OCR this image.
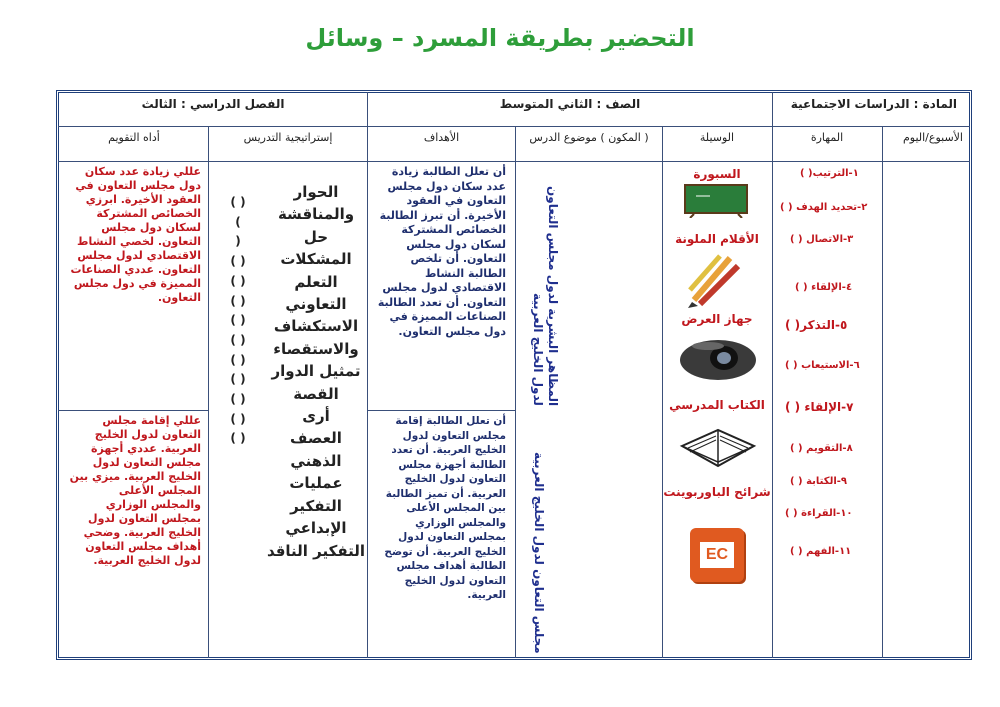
التحضير بطريقة المسرد – وسائل
المادة : الدراسات الاجتماعية
الصف : الثاني المتوسط
الفصل الدراسي : الثالث
الأسبوع/اليوم
المهارة
الوسيلة
( المكون ) موضوع الدرس
الأهداف
إستراتيجية التدريس
أداه التقويم
١-الترتيب( )
٢-تحديد الهدف ( )
٣-الاتصال ( )
٤-الإلقاء ( )
٥-التذكر( )
٦-الاستيعاب ( )
٧-الإلقاء ( )
٨-التقويم ( )
٩-الكتابة ( )
١٠-القراءة ( )
١١-الفهم ( )
السبورة
الأقلام الملونة
جهاز العرض
الكتاب المدرسي
شرائح الباوربوينت
EC
المظاهر البشرية لدول مجلس التعاون لدول الخليج العربية
مجلس التعاون لدول الخليج العربية
أن تعلل الطالبة زيادة عدد سكان دول مجلس التعاون في العقود الأخيرة. أن تبرز الطالبة الخصائص المشتركة لسكان دول مجلس التعاون. أن تلخص الطالبة النشاط الاقتصادي لدول مجلس التعاون. أن تعدد الطالبة الصناعات المميزة في دول مجلس التعاون.
أن تعلل الطالبة إقامة مجلس التعاون لدول الخليج العربية. أن تعدد الطالبة أجهزة مجلس التعاون لدول الخليج العربية. أن تميز الطالبة بين المجلس الأعلى والمجلس الوزاري بمجلس التعاون لدول الخليج العربية. أن توضح الطالبة أهداف مجلس التعاون لدول الخليج العربية.
الحوار والمناقشة
حل المشكلات
التعلم التعاوني
الاستكشاف والاستقصاء
تمثيل الدوار
القصة
أرى
العصف الذهني
عمليات التفكير الإبداعي
التفكير الناقد
( )
(
)
( )
( )
( )
( )
( )
( )
( )
( )
( )
( )
عللي زيادة عدد سكان دول مجلس التعاون في العقود الأخيرة. ابرزي الخصائص المشتركة لسكان دول مجلس التعاون. لخصي النشاط الاقتصادي لدول مجلس التعاون. عددي الصناعات المميزة في دول مجلس التعاون.
عللي إقامة مجلس التعاون لدول الخليج العربية. عددي أجهزة مجلس التعاون لدول الخليج العربية. ميزي بين المجلس الأعلى والمجلس الوزاري بمجلس التعاون لدول الخليج العربية. وضحي أهداف مجلس التعاون لدول الخليج العربية.
